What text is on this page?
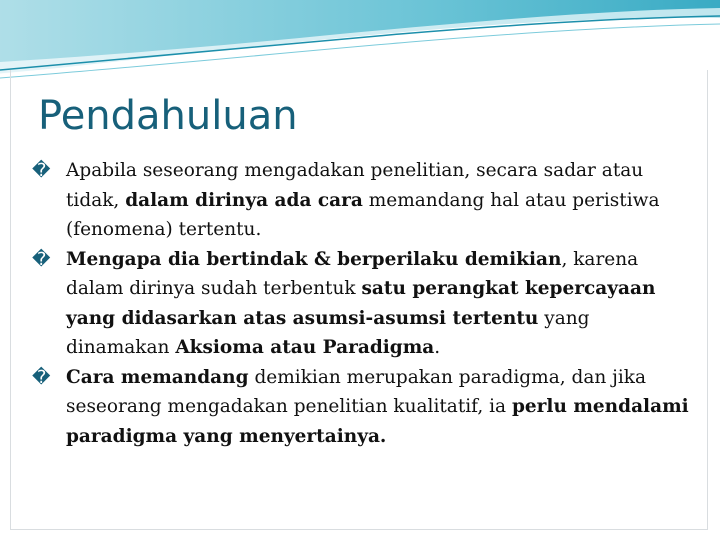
Pendahuluan
� Apabila seseorang mengadakan penelitian, secara sadar atau tidak, dalam dirinya ada cara memandang hal atau peristiwa (fenomena) tertentu.
� Mengapa dia bertindak & berperilaku demikian, karena dalam dirinya sudah terbentuk satu perangkat kepercayaan yang didasarkan atas asumsi-asumsi tertentu yang dinamakan Aksioma atau Paradigma.
� Cara memandang demikian merupakan paradigma, dan jika seseorang mengadakan penelitian kualitatif, ia perlu mendalami paradigma yang menyertainya.
